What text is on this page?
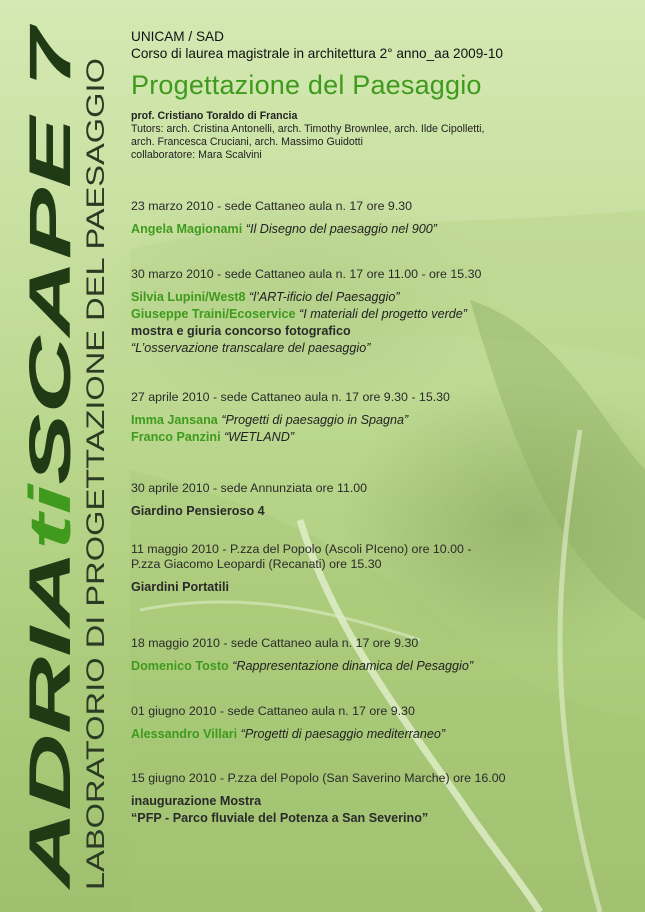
ADRIAtiSCAPE 7 LABORATORIO DI PROGETTAZIONE DEL PAESAGGIO
UNICAM / SAD
Corso di laurea magistrale in architettura 2° anno_aa 2009-10
Progettazione del Paesaggio
prof. Cristiano Toraldo di Francia
Tutors: arch. Cristina Antonelli, arch. Timothy Brownlee, arch. Ilde Cipolletti,
arch. Francesca Cruciani, arch. Massimo Guidotti
collaboratore: Mara Scalvini
23 marzo 2010 - sede Cattaneo aula n. 17 ore 9.30
Angela Magionami “Il Disegno del paesaggio nel 900”
30 marzo 2010 - sede Cattaneo aula n. 17 ore 11.00 - ore 15.30
Silvia Lupini/West8 “l’ART-ificio del Paesaggio”
Giuseppe Traini/Ecoservice “I materiali del progetto verde”
mostra e giuria concorso fotografico
“L’osservazione transcalare del paesaggio”
27 aprile 2010 - sede Cattaneo aula n. 17 ore 9.30 - 15.30
Imma Jansana “Progetti di paesaggio in Spagna”
Franco Panzini “WETLAND”
30 aprile 2010 - sede Annunziata ore 11.00
Giardino Pensieroso 4
11 maggio 2010 - P.zza del Popolo (Ascoli PIceno) ore 10.00 -
P.zza Giacomo Leopardi (Recanati) ore 15.30
Giardini Portatili
18 maggio 2010 - sede Cattaneo aula n. 17 ore 9.30
Domenico Tosto “Rappresentazione dinamica del Pesaggio”
01 giugno 2010 - sede Cattaneo aula n. 17 ore 9.30
Alessandro Villari “Progetti di paesaggio mediterraneo”
15 giugno 2010 - P.zza del Popolo (San Saverino Marche) ore 16.00
inaugurazione Mostra
“PFP - Parco fluviale del Potenza a San Severino”
